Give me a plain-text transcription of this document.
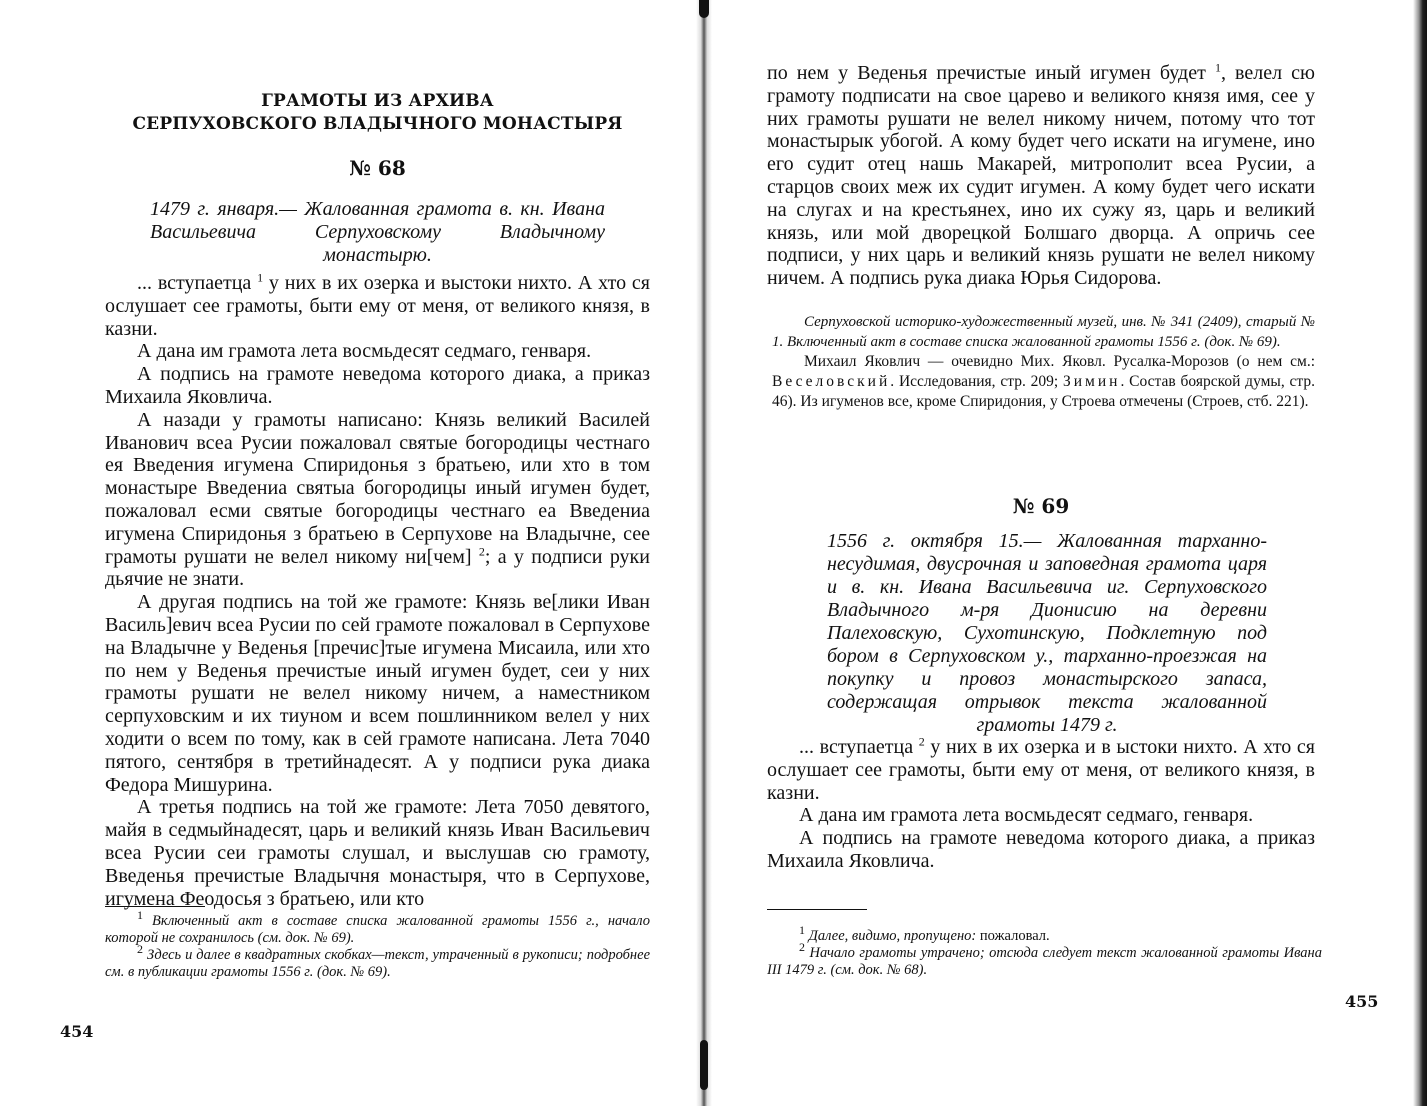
ГРАМОТЫ ИЗ АРХИВА

СЕРПУХОВСКОГО ВЛАДЫЧНОГО МОНАСТЫРЯ

№ 68

1479 г. января.— Жалованная грамота в. кн. Ивана Васильевича Серпуховскому Владычному монастырю.

... вступаетца $^1$ у них в их озерка и выстоки нихто. А хто ся ослушает сее грамоты, быти ему от меня, от великого князя, в казни.

А дана им грамота лета восмьдесят седмаго, генваря.

А подпись на грамоте неведома которого диака, а приказ Михаила Яковлича.

А назади у грамоты написано: Князь великий Василей Иванович всеа Русии пожаловал святые богородицы честнаго ея Введения игумена Спиридонья з братьею, или хто в том монастыре Введениа святыа богородицы иный игумен будет, пожаловал есми святые богородицы честнаго еа Введениа игумена Спиридонья з братьею в Серпухове на Владычне, сее грамоты рушати не велел никому ни[чем] $^2$; а у подписи руки дьячие не знати.

А другая подпись на той же грамоте: Князь ве[лики Иван Василь]евич всеа Русии по сей грамоте пожаловал в Серпухове на Владычне у Веденья [пречис]тые игумена Мисаила, или хто по нем у Веденья пречистые иный игумен будет, сеи у них грамоты рушати не велел никому ничем, а наместником серпуховским и их тиуном и всем пошлинником велел у них ходити о всем по тому, как в сей грамоте написана. Лета 7040 пятого, сентября в третийнадесят. А у подписи рука диака Федора Мишурина.

А третья подпись на той же грамоте: Лета 7050 девятого, майя в седмыйнадесят, царь и великий князь Иван Васильевич всеа Русии сеи грамоты слушал, и выслушав сю грамоту, Введенья пречистые Владычня монастыря, что в Серпухове, игумена Феодосья з братьею, или кто

$^1$ Включенный акт в составе списка жалованной грамоты 1556 г., начало которой не сохранилось (см. док. № 69).

$^2$ Здесь и далее в квадратных скобках—текст, утраченный в рукописи; подробнее см. в публикации грамоты 1556 г. (док. № 69).

454

по нем у Веденья пречистые иный игумен будет $^1$, велел сю грамоту подписати на свое царево и великого князя имя, сее у них грамоты рушати не велел никому ничем, потому что тот монастырык убогой. А кому будет чего искати на игумене, ино его судит отец нашь Макарей, митрополит всеа Русии, а старцов своих меж их судит игумен. А кому будет чего искати на слугах и на крестьянех, ино их сужу яз, царь и великий князь, или мой дворецкой Болшаго дворца. А опричь сее подписи, у них царь и великий князь рушати не велел никому ничем. А подпись рука диака Юрья Сидорова.

Серпуховской историко-художественный музей, инв. № 341 (2409), старый № 1. Включенный акт в составе списка жалованной грамоты 1556 г. (док. № 69).

Михаил Яковлич — очевидно Мих. Яковл. Русалка-Морозов (о нем см.: Веселовский. Исследования, стр. 209; Зимин. Состав боярской думы, стр. 46). Из игуменов все, кроме Спиридония, у Строева отмечены (Строев, стб. 221).

№ 69

1556 г. октября 15.— Жалованная тарханно-несудимая, двусрочная и заповедная грамота царя и в. кн. Ивана Васильевича иг. Серпуховского Владычного м-ря Дионисию на деревни Палеховскую, Сухотинскую, Подклетную под бором в Серпуховском у., тарханно-проезжая на покупку и провоз монастырского запаса, содержащая отрывок текста жалованной грамоты 1479 г.

... вступаетца $^2$ у них в их озерка и в ыстоки нихто. А хто ся ослушает сее грамоты, быти ему от меня, от великого князя, в казни.

А дана им грамота лета восмьдесят седмаго, генваря.

А подпись на грамоте неведома которого диака, а приказ Михаила Яковлича.

$^1$ Далее, видимо, пропущено: пожаловал.

$^2$ Начало грамоты утрачено; отсюда следует текст жалованной грамоты Ивана III 1479 г. (см. док. № 68).

455
